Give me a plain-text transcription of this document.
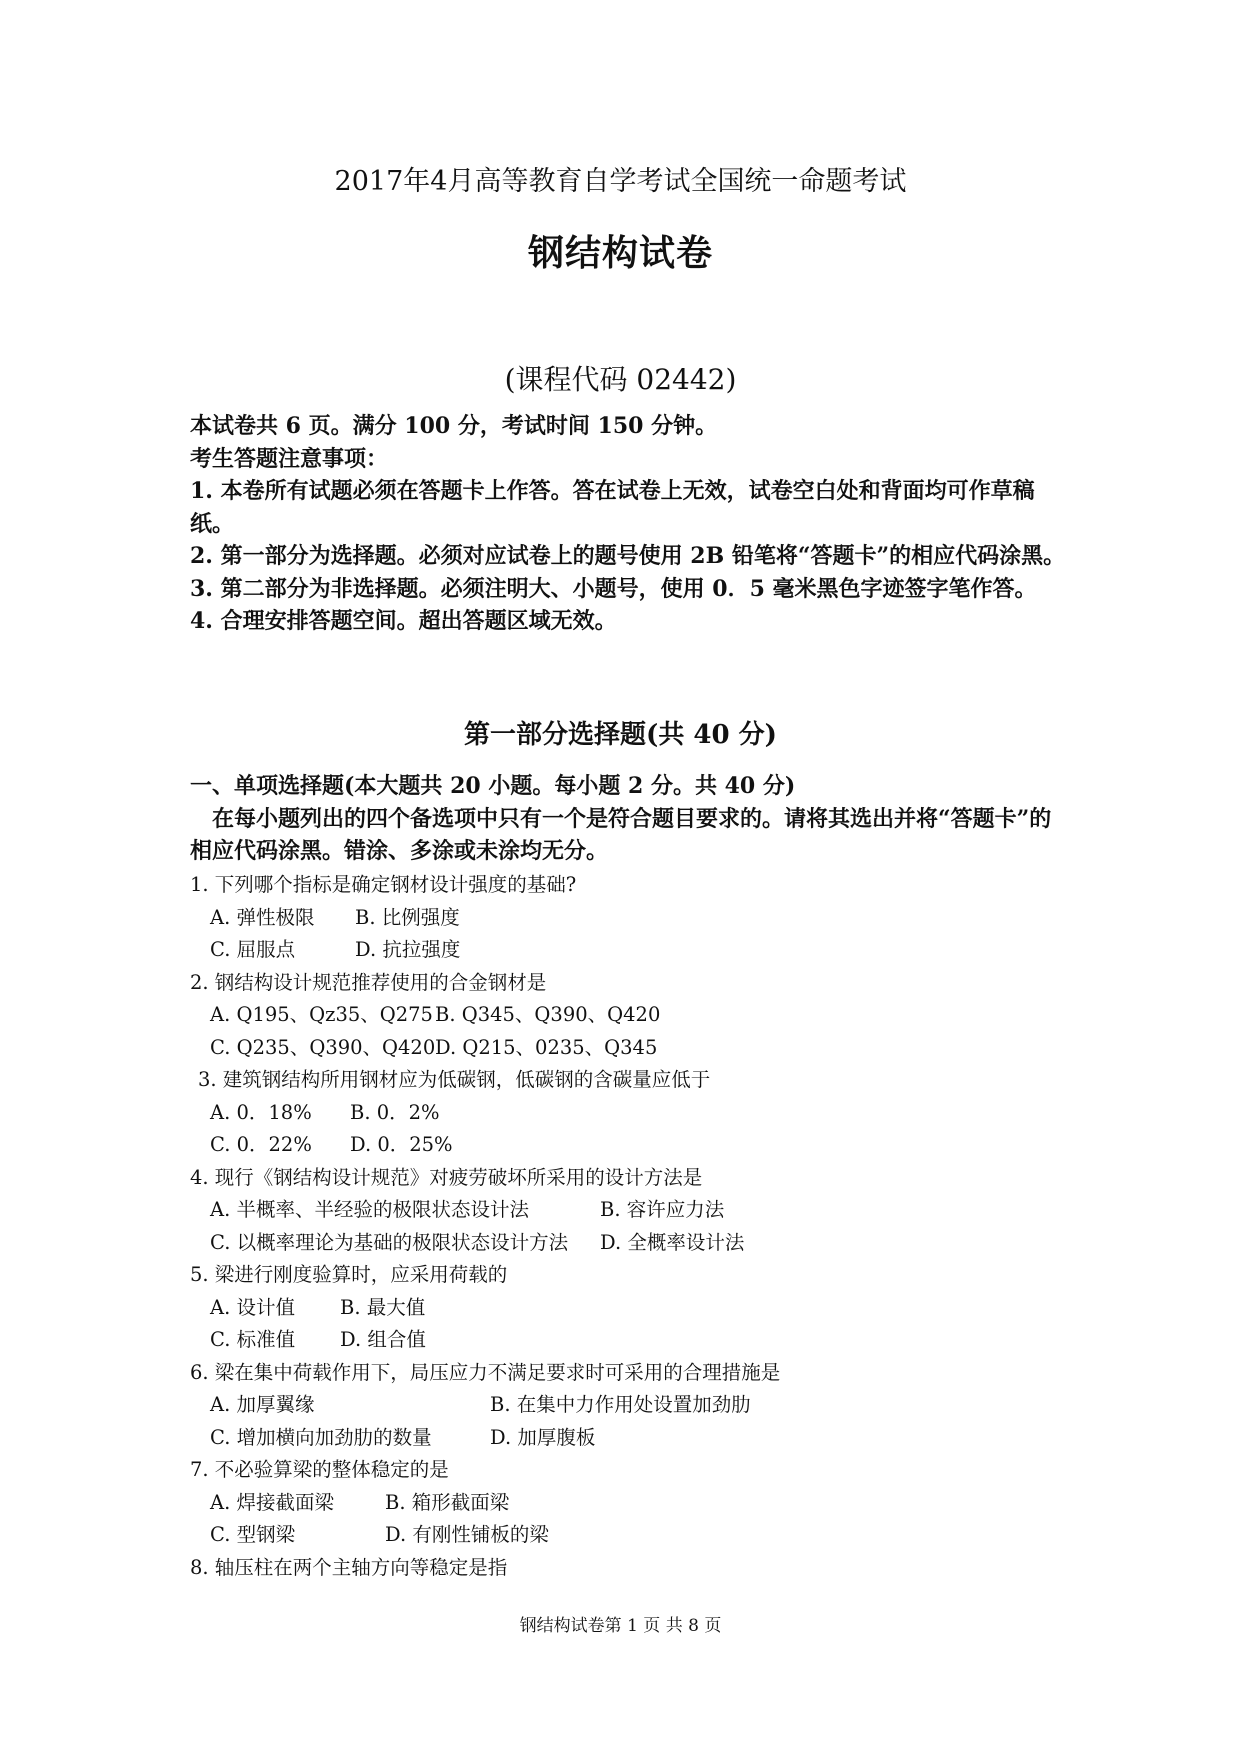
2017年4月高等教育自学考试全国统一命题考试
钢结构试卷
(课程代码 02442)

本试卷共 6 页。满分 100 分，考试时间 150 分钟。

考生答题注意事项：

1. 本卷所有试题必须在答题卡上作答。答在试卷上无效，试卷空白处和背面均可作草稿纸。

2. 第一部分为选择题。必须对应试卷上的题号使用 2B 铅笔将“答题卡”的相应代码涂黑。

3. 第二部分为非选择题。必须注明大、小题号，使用 0．5 毫米黑色字迹签字笔作答。

4. 合理安排答题空间。超出答题区域无效。

第一部分选择题(共 40 分)

一、单项选择题(本大题共 20 小题。每小题 2 分。共 40 分)

在每小题列出的四个备选项中只有一个是符合题目要求的。请将其选出并将“答题卡”的相应代码涂黑。错涂、多涂或未涂均无分。

1. 下列哪个指标是确定钢材设计强度的基础?
A. 弹性极限 B. 比例强度
C. 屈服点	D. 抗拉强度
2. 钢结构设计规范推荐使用的合金钢材是
A. Q195、Qz35、Q275 B. Q345、Q390、Q420
C. Q235、Q390、Q420 D. Q215、0235、Q345
3. 建筑钢结构所用钢材应为低碳钢，低碳钢的含碳量应低于
A. 0．18% B. 0．2%
C. 0．22% D. 0．25%
4. 现行《钢结构设计规范》对疲劳破坏所采用的设计方法是
A. 半概率、半经验的极限状态设计法	B. 容许应力法
C. 以概率理论为基础的极限状态设计方法 D. 全概率设计法
5. 梁进行刚度验算时，应采用荷载的
A. 设计值 B. 最大值
C. 标准值 D. 组合值
6. 梁在集中荷载作用下，局压应力不满足要求时可采用的合理措施是
A. 加厚翼缘	B. 在集中力作用处设置加劲肋
C. 增加横向加劲肋的数量	D. 加厚腹板
7. 不必验算梁的整体稳定的是
A. 焊接截面梁	B. 箱形截面梁
C. 型钢梁	D. 有刚性铺板的梁
8. 轴压柱在两个主轴方向等稳定是指
钢结构试卷第 1 页 共 8 页
